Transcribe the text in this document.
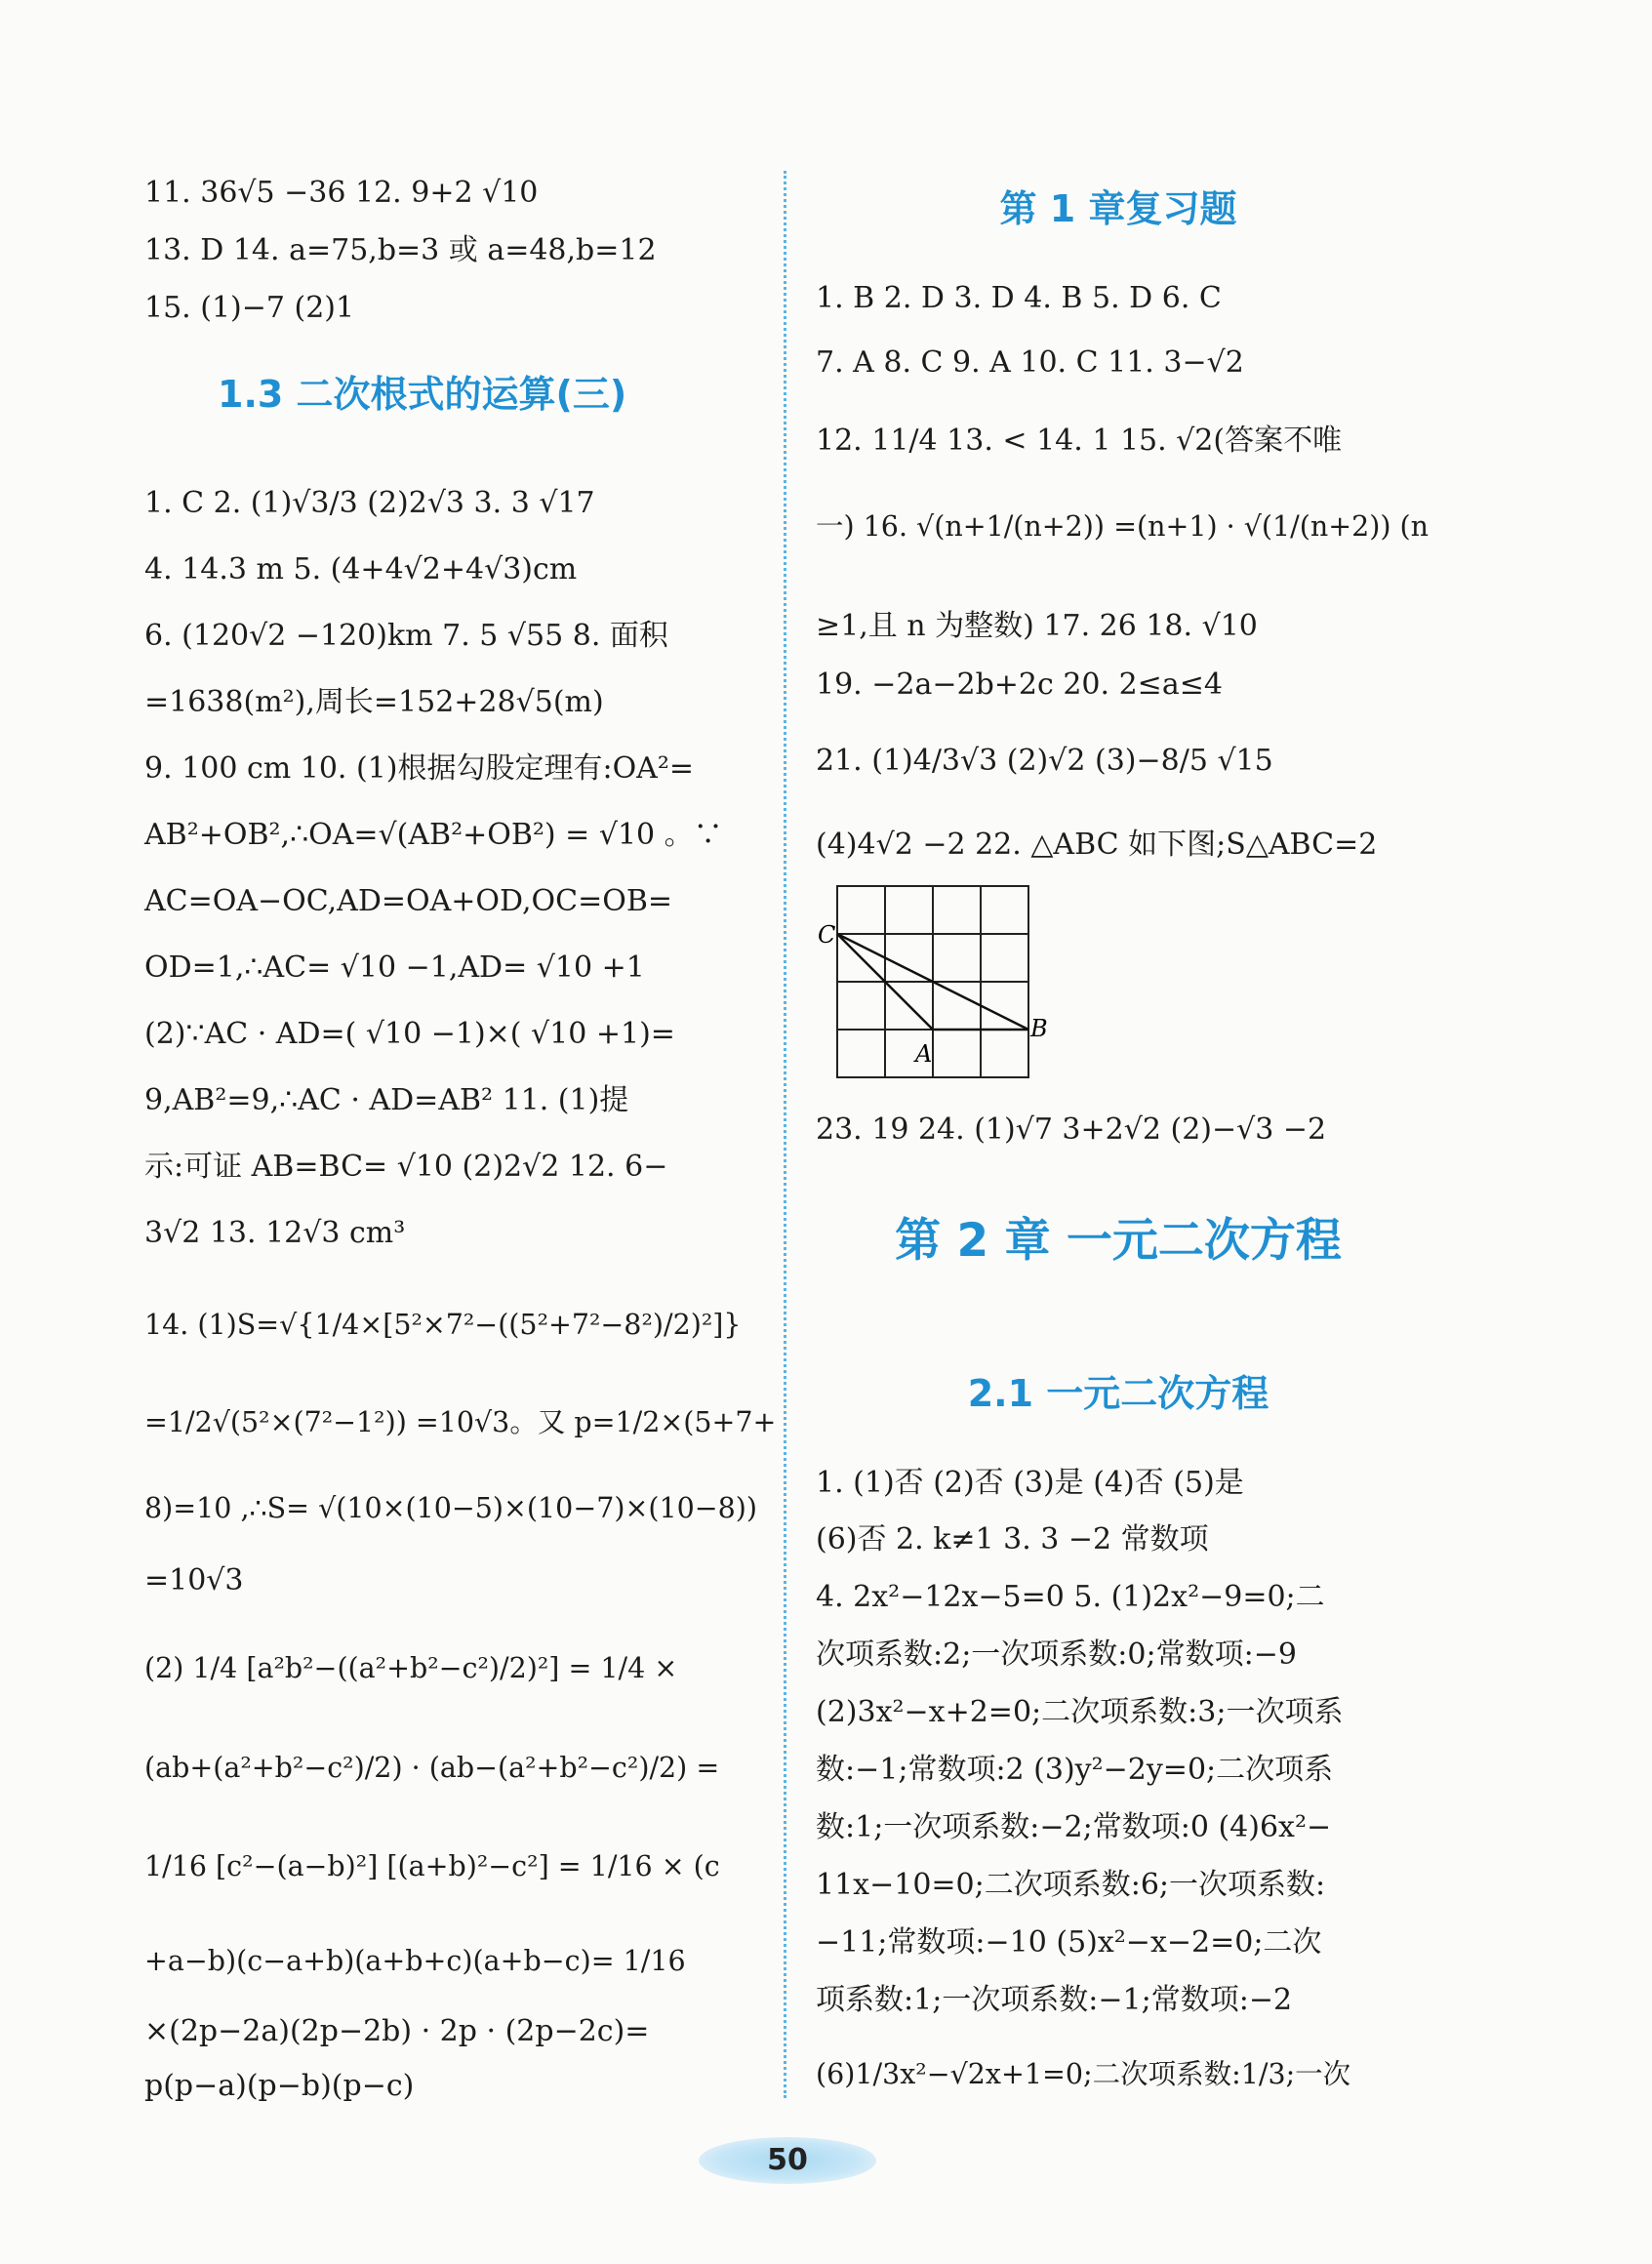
11. 36√5 −36 12. 9+2 √10
13. D 14. a=75,b=3 或 a=48,b=12
15. (1)−7 (2)1
1.3 二次根式的运算(三)
1. C 2. (1)√3/3 (2)2√3 3. 3 √17
4. 14.3 m 5. (4+4√2+4√3)cm
6. (120√2 −120)km 7. 5 √55 8. 面积
=1638(m²),周长=152+28√5(m)
9. 100 cm 10. (1)根据勾股定理有:OA²=
AB²+OB²,∴OA=√(AB²+OB²) = √10 。∵
AC=OA−OC,AD=OA+OD,OC=OB=
OD=1,∴AC= √10 −1,AD= √10 +1
(2)∵AC · AD=( √10 −1)×( √10 +1)=
9,AB²=9,∴AC · AD=AB² 11. (1)提
示:可证 AB=BC= √10 (2)2√2 12. 6−
3√2 13. 12√3 cm³
14. (1)S=√{1/4×[5²×7²−((5²+7²−8²)/2)²]}
=1/2√(5²×(7²−1²)) =10√3。又 p=1/2×(5+7+
8)=10 ,∴S= √(10×(10−5)×(10−7)×(10−8))
=10√3
(2) 1/4 [a²b²−((a²+b²−c²)/2)²] = 1/4 ×
(ab+(a²+b²−c²)/2) · (ab−(a²+b²−c²)/2) =
1/16 [c²−(a−b)²] [(a+b)²−c²] = 1/16 × (c
+a−b)(c−a+b)(a+b+c)(a+b−c)= 1/16
×(2p−2a)(2p−2b) · 2p · (2p−2c)=
p(p−a)(p−b)(p−c)
第 1 章复习题
1. B 2. D 3. D 4. B 5. D 6. C
7. A 8. C 9. A 10. C 11. 3−√2
12. 11/4 13. < 14. 1 15. √2(答案不唯
一) 16. √(n+1/(n+2)) =(n+1) · √(1/(n+2)) (n
≥1,且 n 为整数) 17. 26 18. √10
19. −2a−2b+2c 20. 2≤a≤4
21. (1)4/3√3 (2)√2 (3)−8/5 √15
(4)4√2 −2 22. △ABC 如下图;S△ABC=2
C
A
B
23. 19 24. (1)√7 3+2√2 (2)−√3 −2
第 2 章 一元二次方程
2.1 一元二次方程
1. (1)否 (2)否 (3)是 (4)否 (5)是
(6)否 2. k≠1 3. 3 −2 常数项
4. 2x²−12x−5=0 5. (1)2x²−9=0;二
次项系数:2;一次项系数:0;常数项:−9
(2)3x²−x+2=0;二次项系数:3;一次项系
数:−1;常数项:2 (3)y²−2y=0;二次项系
数:1;一次项系数:−2;常数项:0 (4)6x²−
11x−10=0;二次项系数:6;一次项系数:
−11;常数项:−10 (5)x²−x−2=0;二次
项系数:1;一次项系数:−1;常数项:−2
(6)1/3x²−√2x+1=0;二次项系数:1/3;一次
50
